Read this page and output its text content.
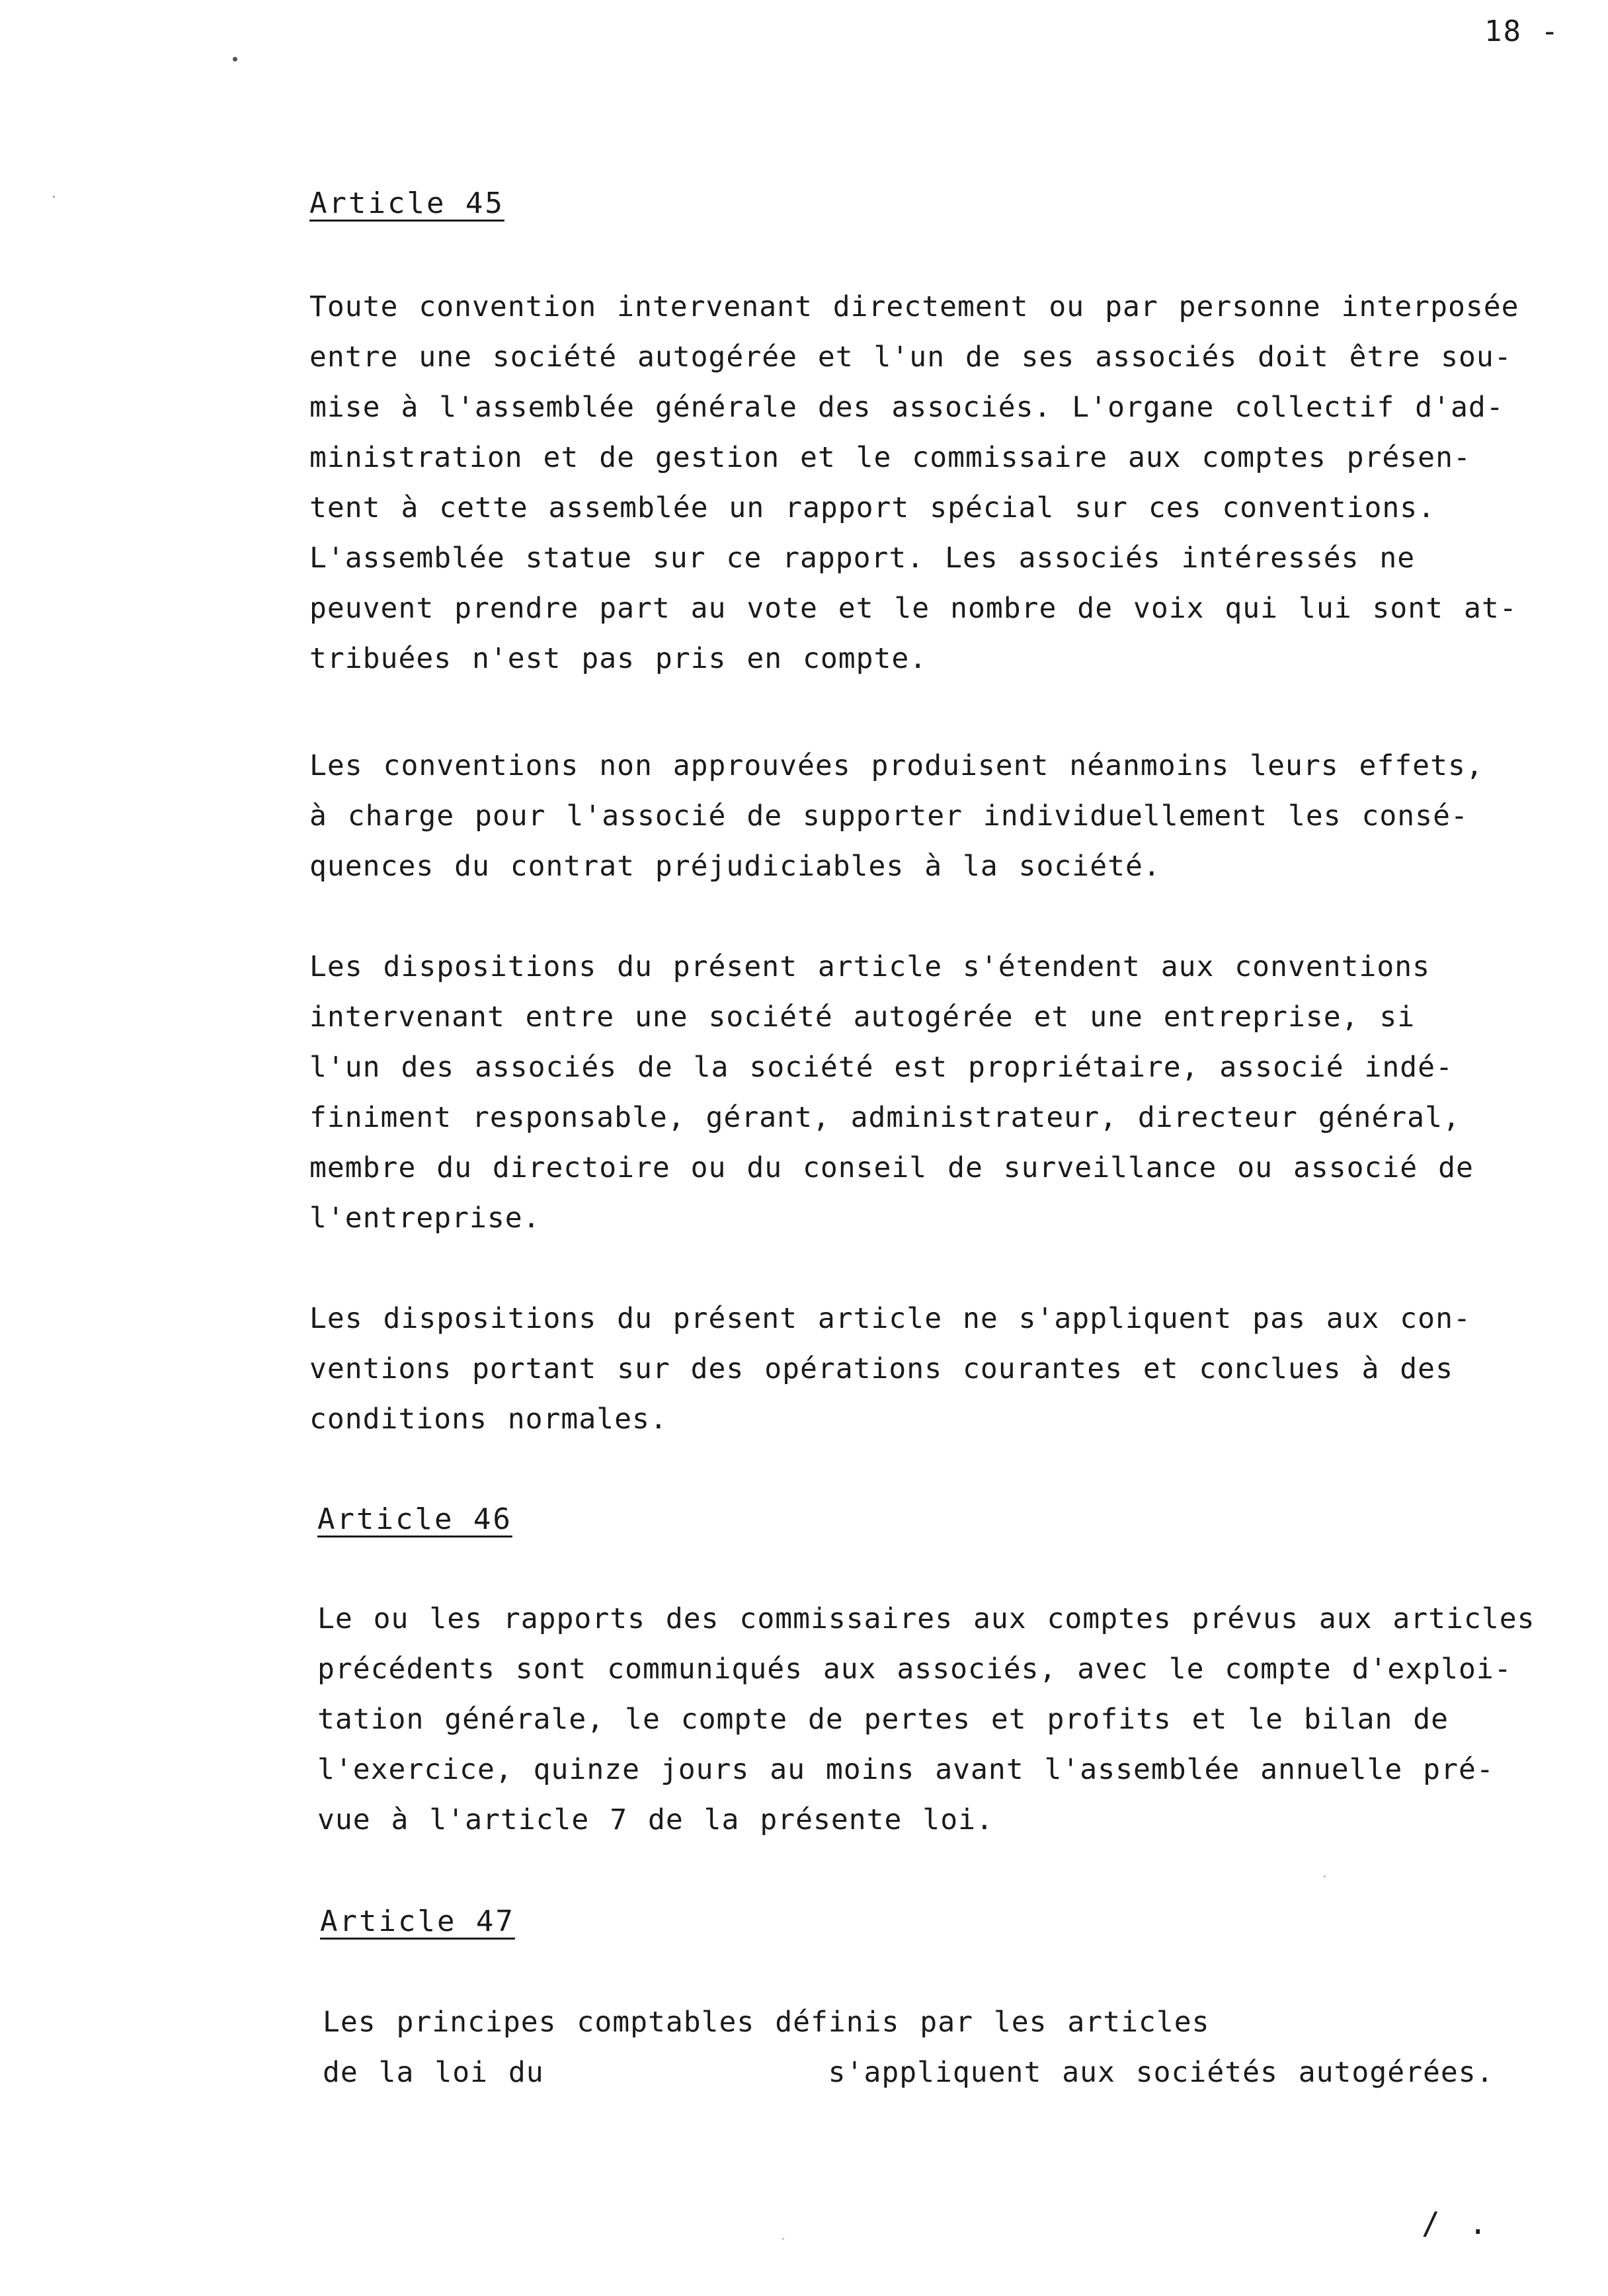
18 -
Article 45
Toute convention intervenant directement ou par personne interposée
entre une société autogérée et l'un de ses associés doit être sou-
mise à l'assemblée générale des associés. L'organe collectif d'ad-
ministration et de gestion et le commissaire aux comptes présen-
tent à cette assemblée un rapport spécial sur ces conventions.
L'assemblée statue sur ce rapport. Les associés intéressés ne
peuvent prendre part au vote et le nombre de voix qui lui sont at-
tribuées n'est pas pris en compte.
Les conventions non approuvées produisent néanmoins leurs effets,
à charge pour l'associé de supporter individuellement les consé-
quences du contrat préjudiciables à la société.
Les dispositions du présent article s'étendent aux conventions
intervenant entre une société autogérée et une entreprise, si
l'un des associés de la société est propriétaire, associé indé-
finiment responsable, gérant, administrateur, directeur général,
membre du directoire ou du conseil de surveillance ou associé de
l'entreprise.
Les dispositions du présent article ne s'appliquent pas aux con-
ventions portant sur des opérations courantes et conclues à des
conditions normales.
Article 46
Le ou les rapports des commissaires aux comptes prévus aux articles
précédents sont communiqués aux associés, avec le compte d'exploi-
tation générale, le compte de pertes et profits et le bilan de
l'exercice, quinze jours au moins avant l'assemblée annuelle pré-
vue à l'article 7 de la présente loi.
Article 47
Les principes comptables définis par les articles
de la loi du	s'appliquent aux sociétés autogérées.
/ .
